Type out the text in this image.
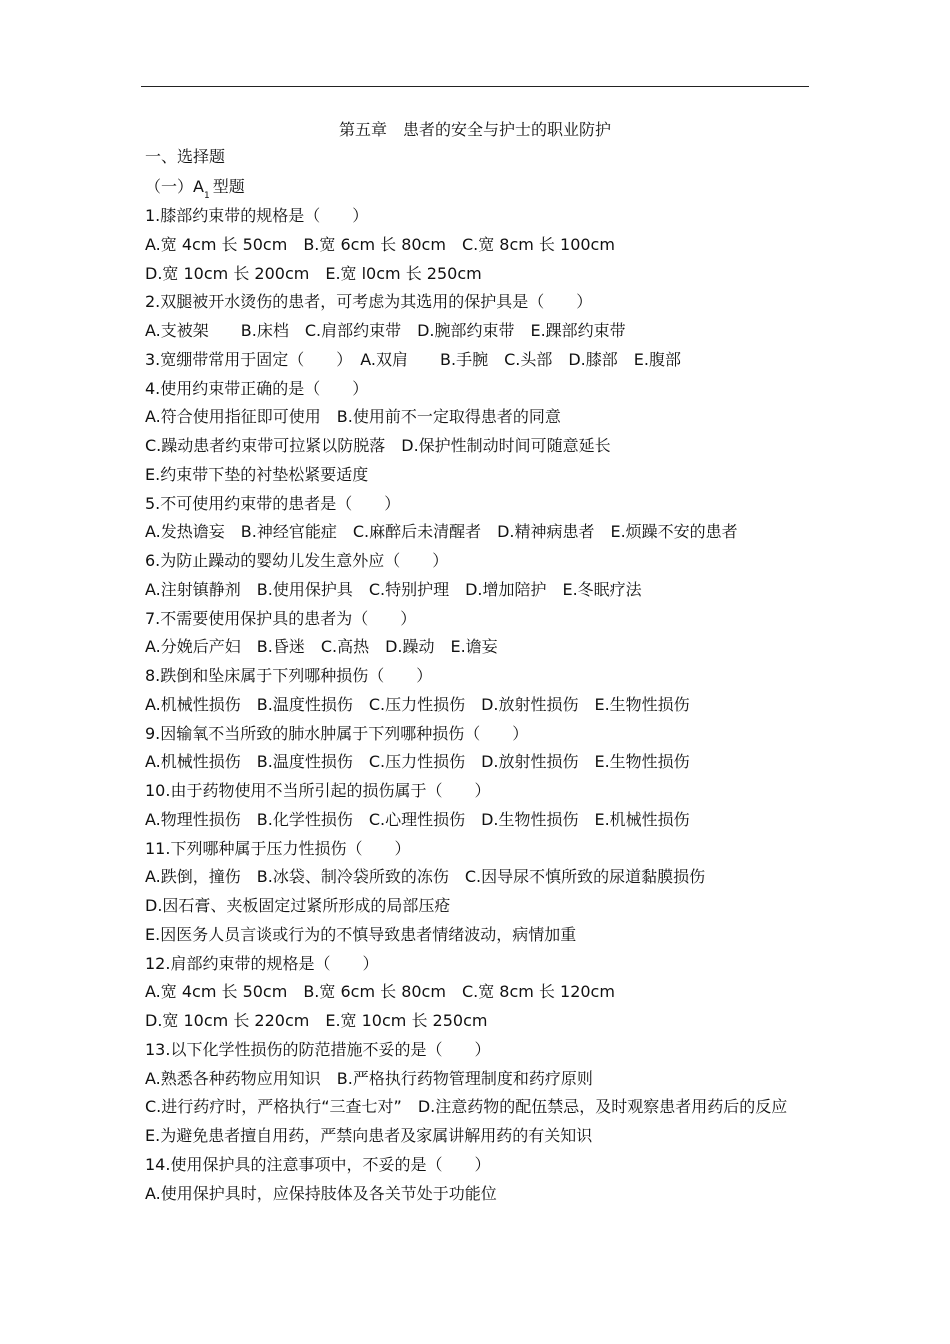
第五章　患者的安全与护士的职业防护
一、选择题
（一）$A_1$ 型题
1.膝部约束带的规格是（　　）
A.宽 4cm 长 50cm　B.宽 6cm 长 80cm　C.宽 8cm 长 100cm
D.宽 10cm 长 200cm　E.宽 l0cm 长 250cm
2.双腿被开水烫伤的患者，可考虑为其选用的保护具是（　　）
A.支被架　　B.床档　C.肩部约束带　D.腕部约束带　E.踝部约束带
3.宽绷带常用于固定（　　）　A.双肩　　B.手腕　C.头部　D.膝部　E.腹部
4.使用约束带正确的是（　　）
A.符合使用指征即可使用　B.使用前不一定取得患者的同意
C.躁动患者约束带可拉紧以防脱落　D.保护性制动时间可随意延长
E.约束带下垫的衬垫松紧要适度
5.不可使用约束带的患者是（　　）
A.发热谵妄　B.神经官能症　C.麻醉后未清醒者　D.精神病患者　E.烦躁不安的患者
6.为防止躁动的婴幼儿发生意外应（　　）
A.注射镇静剂　B.使用保护具　C.特别护理　D.增加陪护　E.冬眠疗法
7.不需要使用保护具的患者为（　　）
A.分娩后产妇　B.昏迷　C.高热　D.躁动　E.谵妄
8.跌倒和坠床属于下列哪种损伤（　　）
A.机械性损伤　B.温度性损伤　C.压力性损伤　D.放射性损伤　E.生物性损伤
9.因输氧不当所致的肺水肿属于下列哪种损伤（　　）
A.机械性损伤　B.温度性损伤　C.压力性损伤　D.放射性损伤　E.生物性损伤
10.由于药物使用不当所引起的损伤属于（　　）
A.物理性损伤　B.化学性损伤　C.心理性损伤　D.生物性损伤　E.机械性损伤
11.下列哪种属于压力性损伤（　　）
A.跌倒，撞伤　B.冰袋、制冷袋所致的冻伤　C.因导尿不慎所致的尿道黏膜损伤
D.因石膏、夹板固定过紧所形成的局部压疮
E.因医务人员言谈或行为的不慎导致患者情绪波动，病情加重
12.肩部约束带的规格是（　　）
A.宽 4cm 长 50cm　B.宽 6cm 长 80cm　C.宽 8cm 长 120cm
D.宽 10cm 长 220cm　E.宽 10cm 长 250cm
13.以下化学性损伤的防范措施不妥的是（　　）
A.熟悉各种药物应用知识　B.严格执行药物管理制度和药疗原则
C.进行药疗时，严格执行“三查七对”　D.注意药物的配伍禁忌，及时观察患者用药后的反应
E.为避免患者擅自用药，严禁向患者及家属讲解用药的有关知识
14.使用保护具的注意事项中，不妥的是（　　）
A.使用保护具时，应保持肢体及各关节处于功能位
